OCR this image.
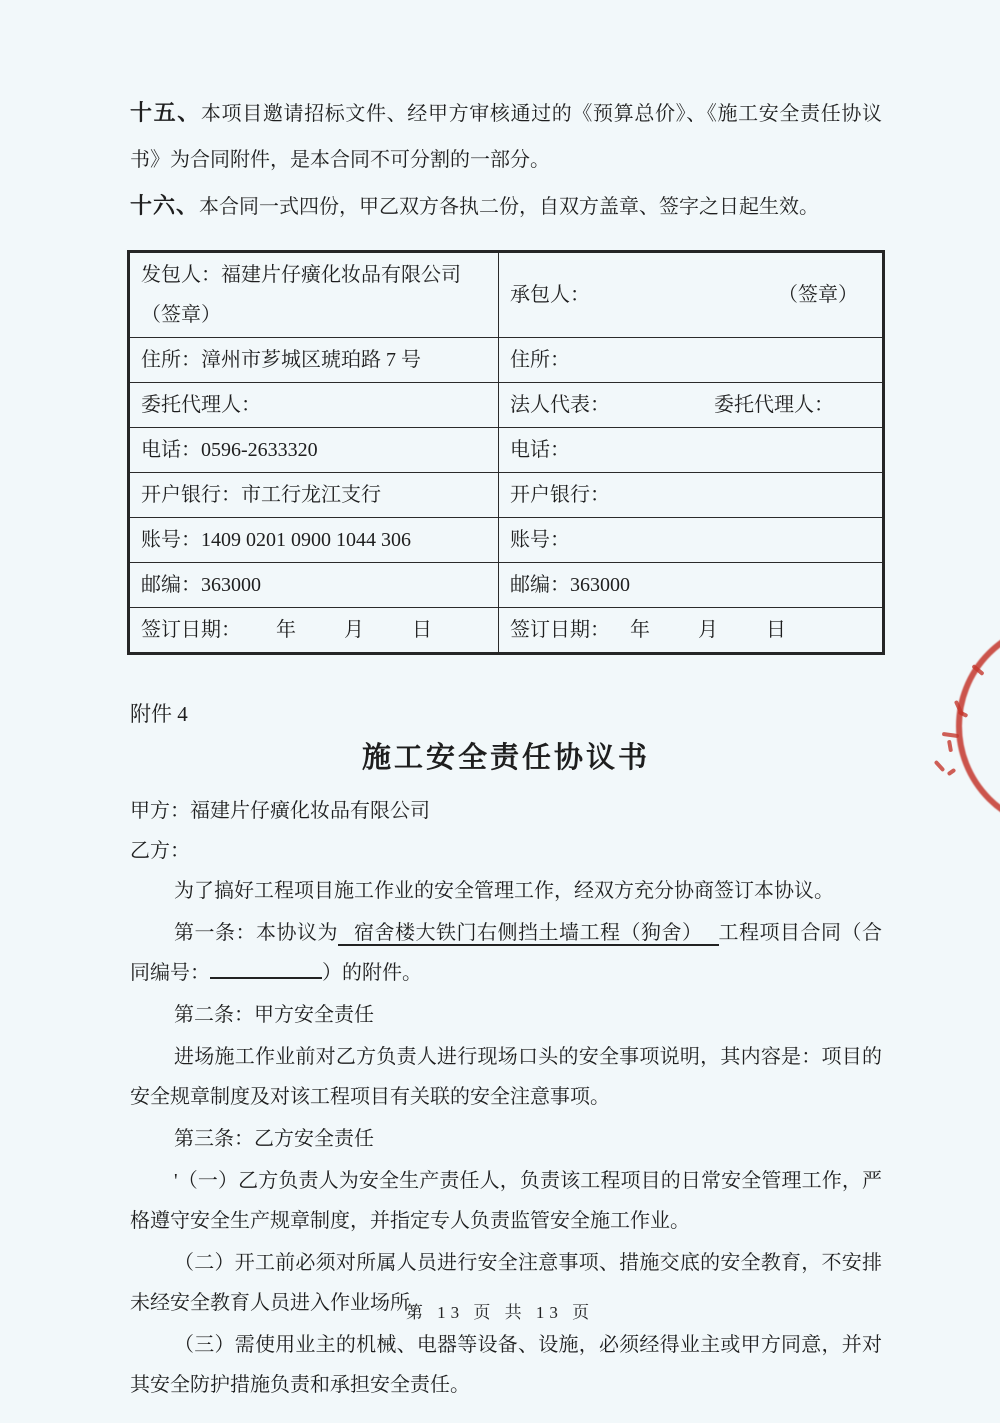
十五、本项目邀请招标文件、经甲方审核通过的《预算总价》、《施工安全责任协议书》为合同附件，是本合同不可分割的一部分。

十六、本合同一式四份，甲乙双方各执二份，自双方盖章、签字之日起生效。

发包人：福建片仔癀化妆品有限公司（签章）	承包人： （签章）

住所：漳州市芗城区琥珀路 7 号	住所：

委托代理人：	法人代表： 委托代理人：

电话：0596-2633320	电话：

开户银行：市工行龙江支行	开户银行：

账号：1409 0201 0900 1044 306	账号：

邮编：363000	邮编：363000

签订日期： 年　月　日	签订日期： 年　月　日
附件 4
施工安全责任协议书

甲方：福建片仔癀化妆品有限公司

乙方：

为了搞好工程项目施工作业的安全管理工作，经双方充分协商签订本协议。

第一条：本协议为 宿舍楼大铁门右侧挡土墙工程（狗舍） 工程项目合同（合同编号：	）的附件。

第二条：甲方安全责任

进场施工作业前对乙方负责人进行现场口头的安全事项说明，其内容是：项目的安全规章制度及对该工程项目有关联的安全注意事项。

第三条：乙方安全责任

'（一）乙方负责人为安全生产责任人，负责该工程项目的日常安全管理工作，严格遵守安全生产规章制度，并指定专人负责监管安全施工作业。

（二）开工前必须对所属人员进行安全注意事项、措施交底的安全教育，不安排未经安全教育人员进入作业场所。

（三）需使用业主的机械、电器等设备、设施，必须经得业主或甲方同意，并对其安全防护措施负责和承担安全责任。

第 13 页 共 13 页
